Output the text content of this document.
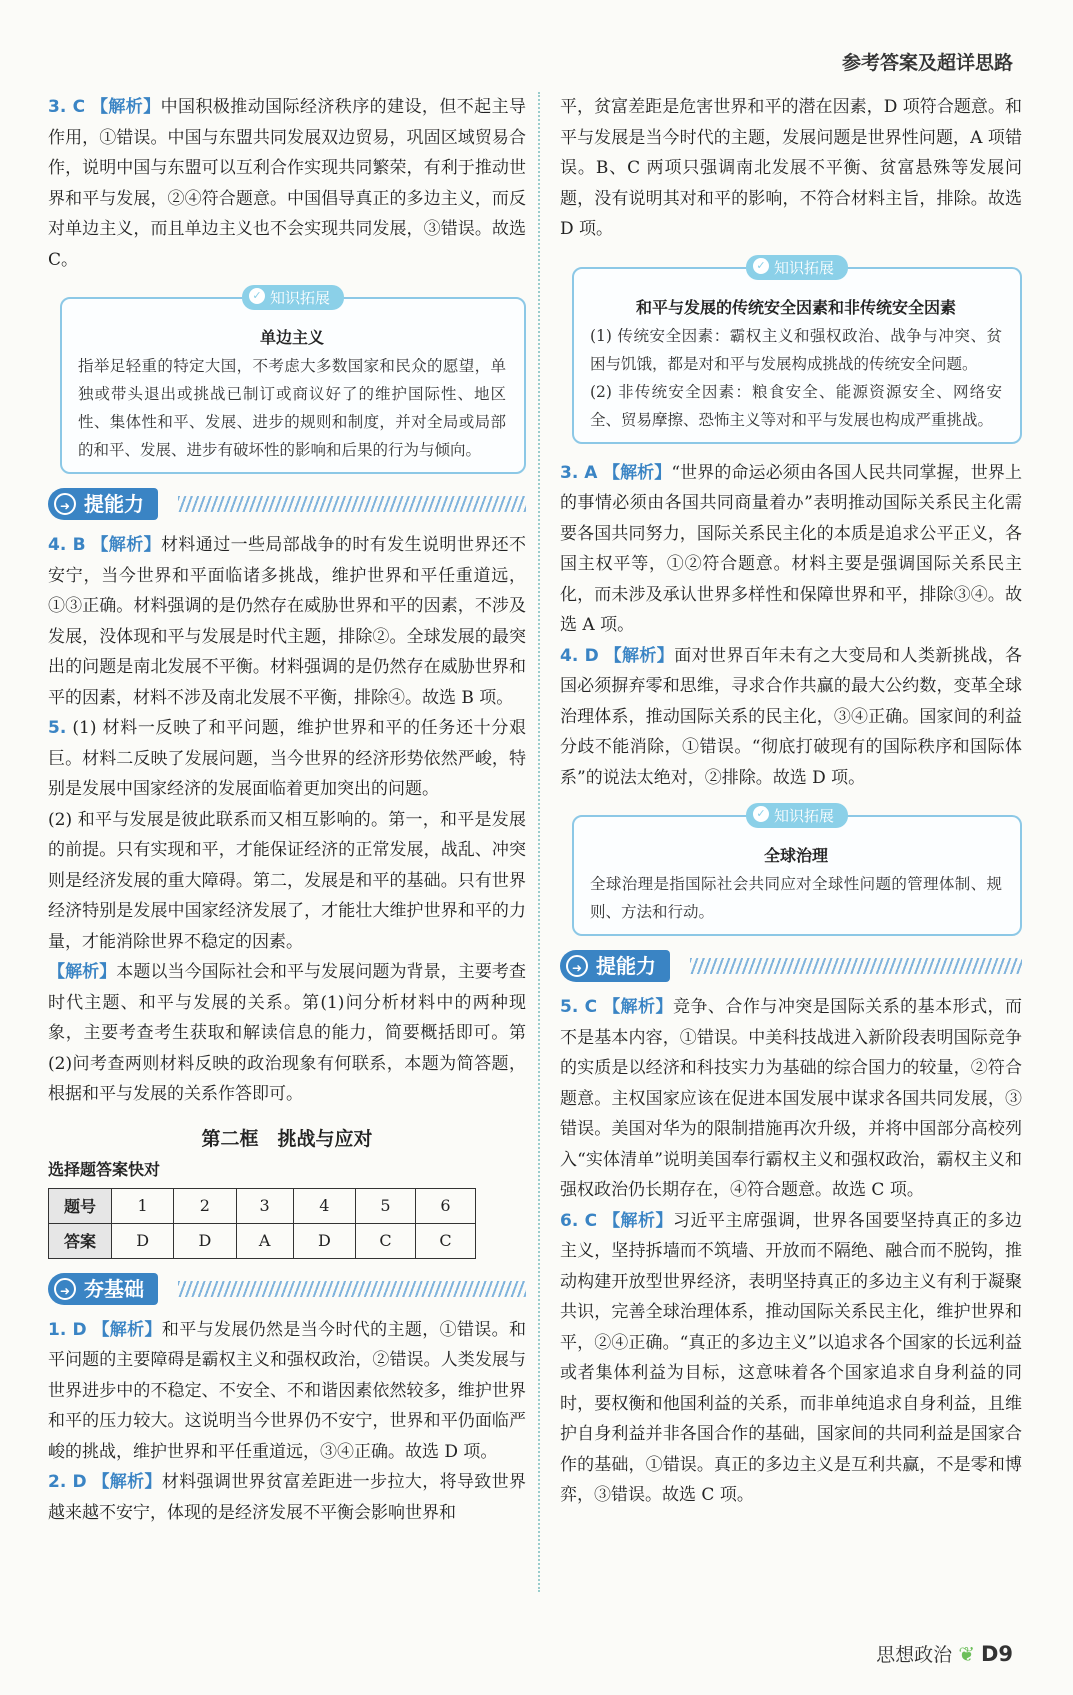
参考答案及超详思路

3. C 【解析】中国积极推动国际经济秩序的建设，但不起主导作用，①错误。中国与东盟共同发展双边贸易，巩固区域贸易合作，说明中国与东盟可以互利合作实现共同繁荣，有利于推动世界和平与发展，②④符合题意。中国倡导真正的多边主义，而反对单边主义，而且单边主义也不会实现共同发展，③错误。故选 C。

✓ 知识拓展
单边主义
指举足轻重的特定大国，不考虑大多数国家和民众的愿望，单独或带头退出或挑战已制订或商议好了的维护国际性、地区性、集体性和平、发展、进步的规则和制度，并对全局或局部的和平、发展、进步有破坏性的影响和后果的行为与倾向。
➜ 提能力

4. B 【解析】材料通过一些局部战争的时有发生说明世界还不安宁，当今世界和平面临诸多挑战，维护世界和平任重道远，①③正确。材料强调的是仍然存在威胁世界和平的因素，不涉及发展，没体现和平与发展是时代主题，排除②。全球发展的最突出的问题是南北发展不平衡。材料强调的是仍然存在威胁世界和平的因素，材料不涉及南北发展不平衡，排除④。故选 B 项。

5. (1) 材料一反映了和平问题，维护世界和平的任务还十分艰巨。材料二反映了发展问题，当今世界的经济形势依然严峻，特别是发展中国家经济的发展面临着更加突出的问题。

(2) 和平与发展是彼此联系而又相互影响的。第一，和平是发展的前提。只有实现和平，才能保证经济的正常发展，战乱、冲突则是经济发展的重大障碍。第二，发展是和平的基础。只有世界经济特别是发展中国家经济发展了，才能壮大维护世界和平的力量，才能消除世界不稳定的因素。

【解析】本题以当今国际社会和平与发展问题为背景，主要考查时代主题、和平与发展的关系。第(1)问分析材料中的两种现象，主要考查考生获取和解读信息的能力，简要概括即可。第(2)问考查两则材料反映的政治现象有何联系，本题为简答题，根据和平与发展的关系作答即可。

第二框　挑战与应对
选择题答案快对
题号	1	2	3	4	5	6
答案	D	D	A	D	C	C
➜ 夯基础

1. D 【解析】和平与发展仍然是当今时代的主题，①错误。和平问题的主要障碍是霸权主义和强权政治，②错误。人类发展与世界进步中的不稳定、不安全、不和谐因素依然较多，维护世界和平的压力较大。这说明当今世界仍不安宁，世界和平仍面临严峻的挑战，维护世界和平任重道远，③④正确。故选 D 项。

2. D 【解析】材料强调世界贫富差距进一步拉大，将导致世界越来越不安宁，体现的是经济发展不平衡会影响世界和

平，贫富差距是危害世界和平的潜在因素，D 项符合题意。和平与发展是当今时代的主题，发展问题是世界性问题，A 项错误。B、C 两项只强调南北发展不平衡、贫富悬殊等发展问题，没有说明其对和平的影响，不符合材料主旨，排除。故选 D 项。

✓ 知识拓展
和平与发展的传统安全因素和非传统安全因素
(1) 传统安全因素：霸权主义和强权政治、战争与冲突、贫困与饥饿，都是对和平与发展构成挑战的传统安全问题。
(2) 非传统安全因素：粮食安全、能源资源安全、网络安全、贸易摩擦、恐怖主义等对和平与发展也构成严重挑战。

3. A 【解析】“世界的命运必须由各国人民共同掌握，世界上的事情必须由各国共同商量着办”表明推动国际关系民主化需要各国共同努力，国际关系民主化的本质是追求公平正义，各国主权平等，①②符合题意。材料主要是强调国际关系民主化，而未涉及承认世界多样性和保障世界和平，排除③④。故选 A 项。

4. D 【解析】面对世界百年未有之大变局和人类新挑战，各国必须摒弃零和思维，寻求合作共赢的最大公约数，变革全球治理体系，推动国际关系的民主化，③④正确。国家间的利益分歧不能消除，①错误。“彻底打破现有的国际秩序和国际体系”的说法太绝对，②排除。故选 D 项。

✓ 知识拓展
全球治理
全球治理是指国际社会共同应对全球性问题的管理体制、规则、方法和行动。
➜ 提能力

5. C 【解析】竞争、合作与冲突是国际关系的基本形式，而不是基本内容，①错误。中美科技战进入新阶段表明国际竞争的实质是以经济和科技实力为基础的综合国力的较量，②符合题意。主权国家应该在促进本国发展中谋求各国共同发展，③错误。美国对华为的限制措施再次升级，并将中国部分高校列入“实体清单”说明美国奉行霸权主义和强权政治，霸权主义和强权政治仍长期存在，④符合题意。故选 C 项。

6. C 【解析】习近平主席强调，世界各国要坚持真正的多边主义，坚持拆墙而不筑墙、开放而不隔绝、融合而不脱钩，推动构建开放型世界经济，表明坚持真正的多边主义有利于凝聚共识，完善全球治理体系，推动国际关系民主化，维护世界和平，②④正确。“真正的多边主义”以追求各个国家的长远利益或者集体利益为目标，这意味着各个国家追求自身利益的同时，要权衡和他国利益的关系，而非单纯追求自身利益，且维护自身利益并非各国合作的基础，国家间的共同利益是国家合作的基础，①错误。真正的多边主义是互利共赢，不是零和博弈，③错误。故选 C 项。

思想政治 ❦ D9
